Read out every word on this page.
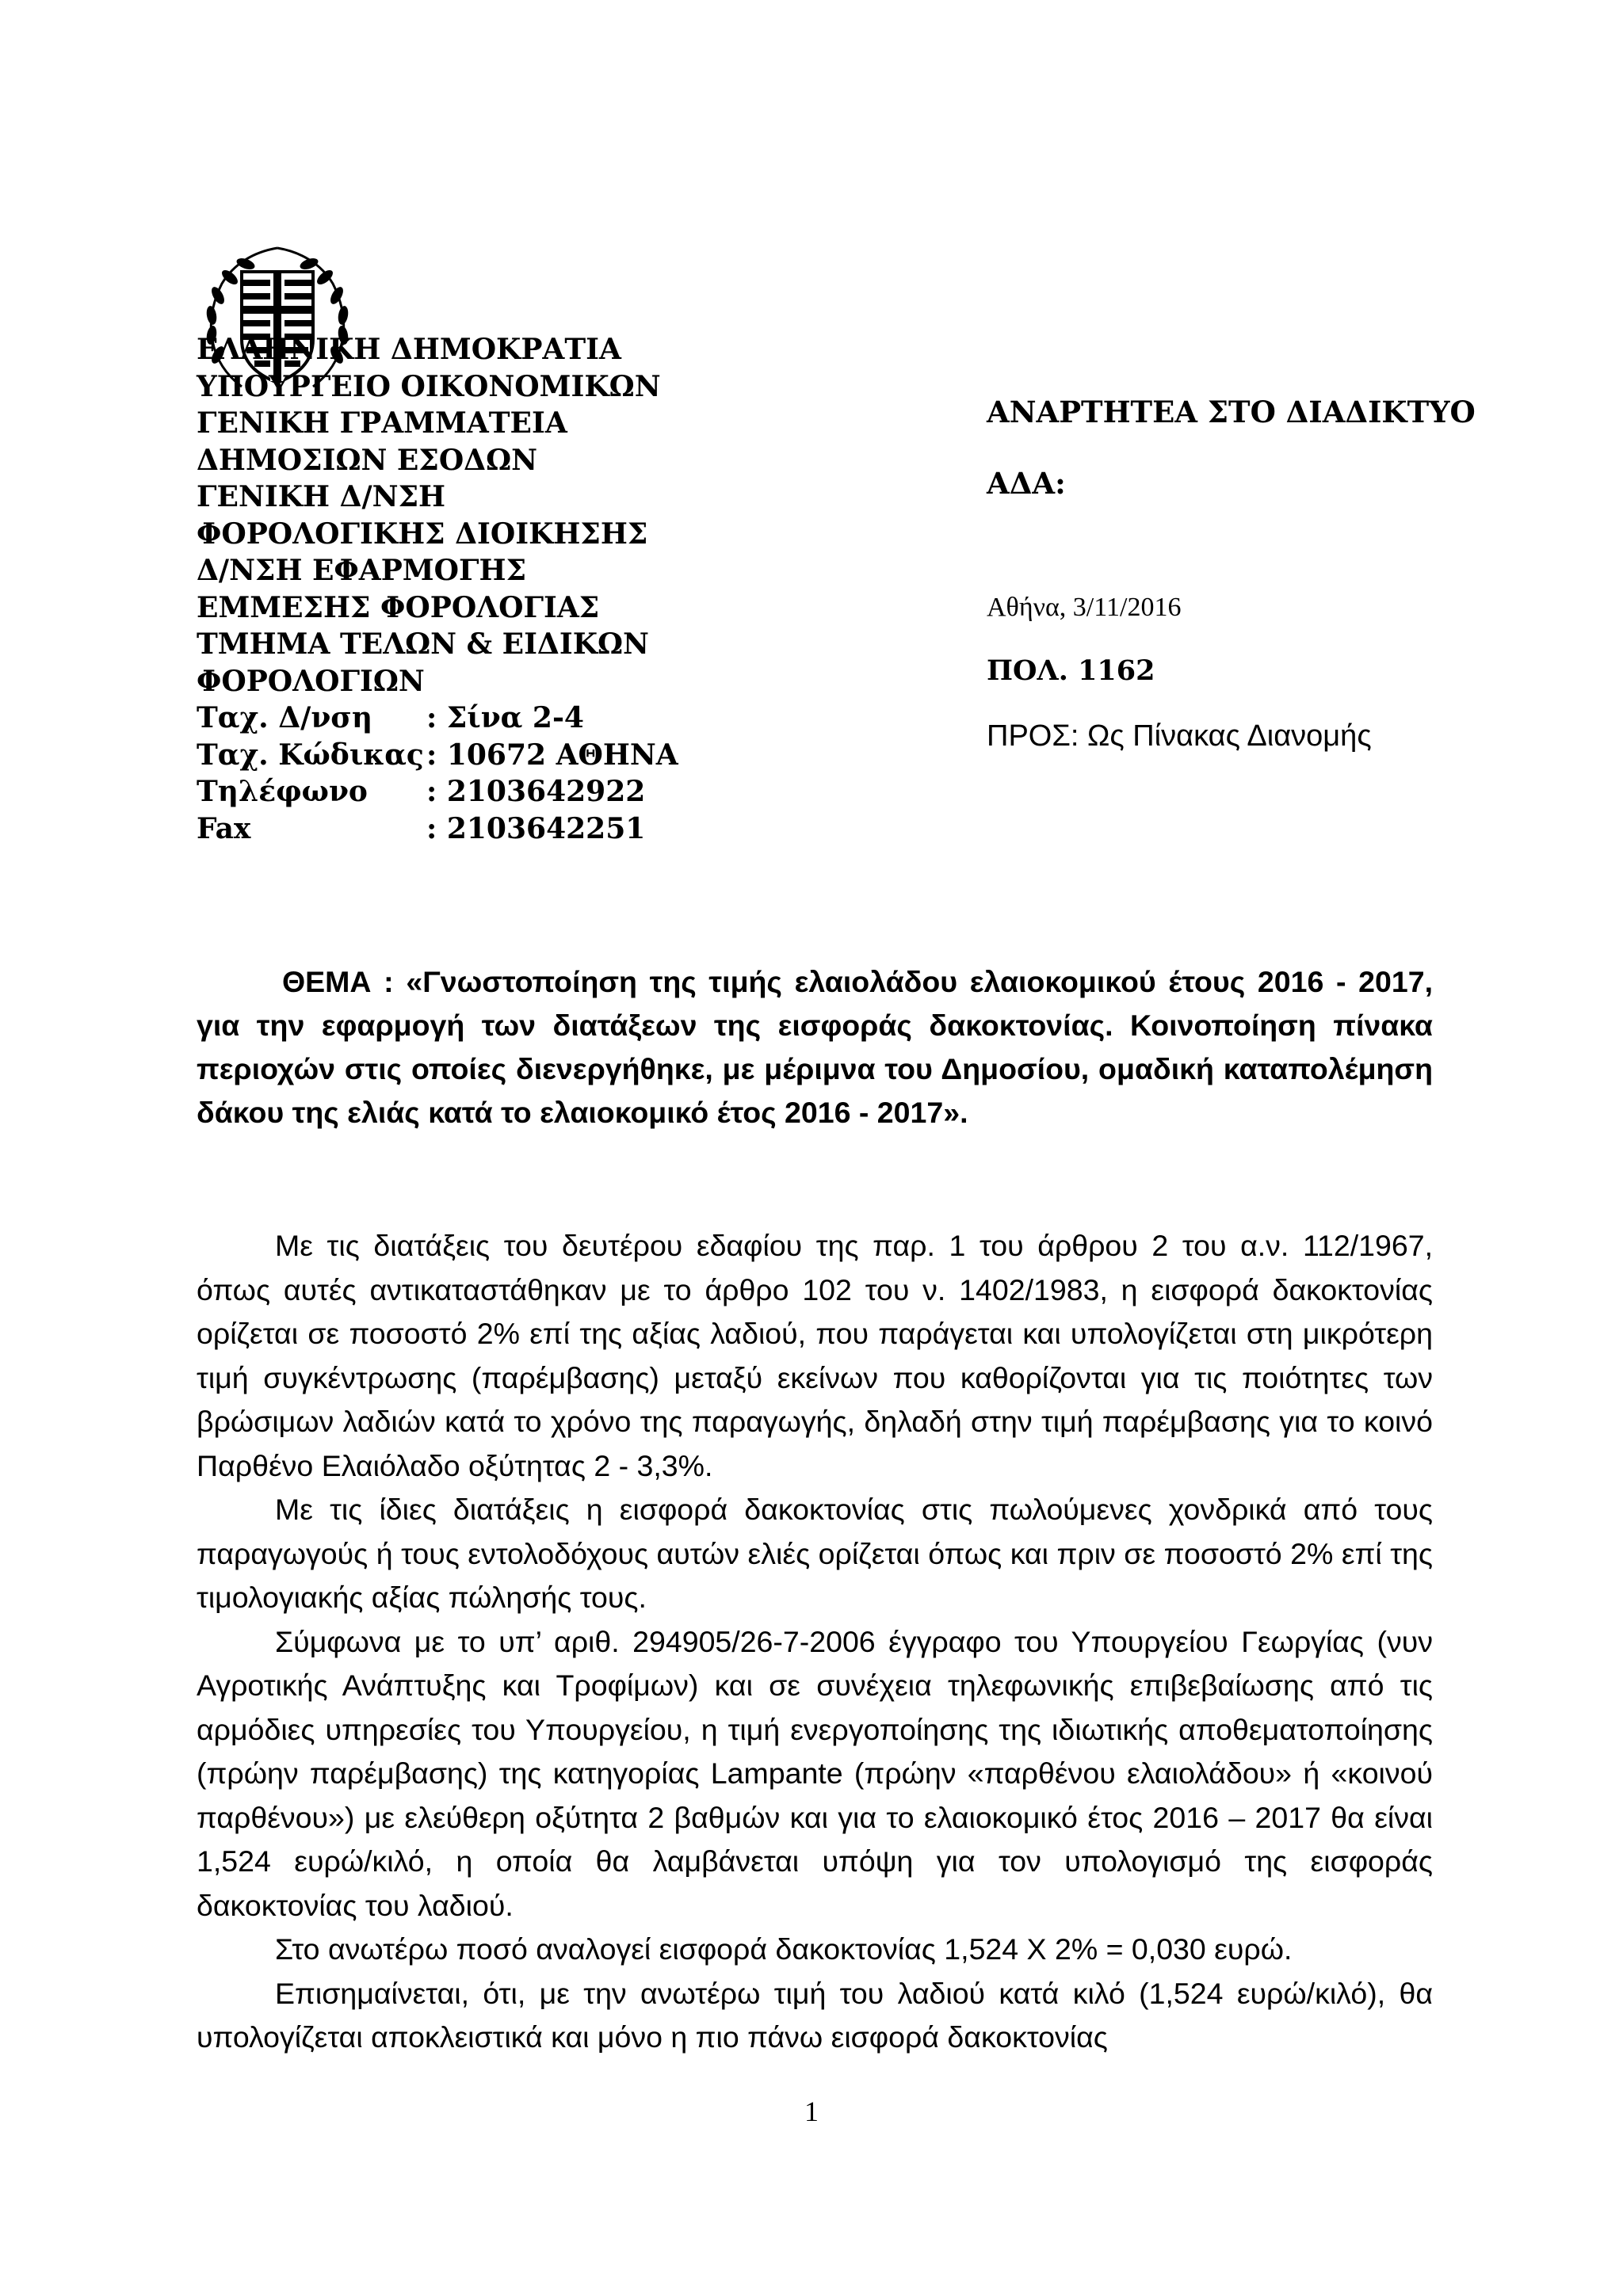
ΕΛΛΗΝΙΚΗ ΔΗΜΟΚΡΑΤΙΑ
ΥΠΟΥΡΓΕΙΟ ΟΙΚΟΝΟΜΙΚΩΝ
ΓΕΝΙΚΗ ΓΡΑΜΜΑΤΕΙΑ
ΔΗΜΟΣΙΩΝ ΕΣΟΔΩΝ
ΓΕΝΙΚΗ Δ/ΝΣΗ
ΦΟΡΟΛΟΓΙΚΗΣ ΔΙΟΙΚΗΣΗΣ
Δ/ΝΣΗ ΕΦΑΡΜΟΓΗΣ
ΕΜΜΕΣΗΣ ΦΟΡΟΛΟΓΙΑΣ
ΤΜΗΜΑ ΤΕΛΩΝ & ΕΙΔΙΚΩΝ
ΦΟΡΟΛΟΓΙΩΝ
Ταχ. Δ/νση	: Σίνα 2-4
Ταχ. Κώδικας : 10672 ΑΘΗΝΑ
Τηλέφωνο	: 2103642922
Fax	: 2103642251
ΑΝΑΡΤΗΤΕΑ ΣΤΟ ΔΙΑΔΙΚΤΥΟ
ΑΔΑ:
Αθήνα, 3/11/2016
ΠΟΛ. 1162
ΠΡΟΣ: Ως Πίνακας Διανομής
ΘΕΜΑ : «Γνωστοποίηση της τιμής ελαιολάδου ελαιοκομικού έτους 2016 - 2017, για την εφαρμογή των διατάξεων της εισφοράς δακοκτονίας. Κοινοποίηση πίνακα περιοχών στις οποίες διενεργήθηκε, με μέριμνα του Δημοσίου, ομαδική καταπολέμηση δάκου της ελιάς κατά το ελαιοκομικό έτος 2016 - 2017».

Με τις διατάξεις του δευτέρου εδαφίου της παρ. 1 του άρθρου 2 του α.ν. 112/1967, όπως αυτές αντικαταστάθηκαν με το άρθρο 102 του ν. 1402/1983, η εισφορά δακοκτονίας ορίζεται σε ποσοστό 2% επί της αξίας λαδιού, που παράγεται και υπολογίζεται στη μικρότερη τιμή συγκέντρωσης (παρέμβασης) μεταξύ εκείνων που καθορίζονται για τις ποιότητες των βρώσιμων λαδιών κατά το χρόνο της παραγωγής, δηλαδή στην τιμή παρέμβασης για το κοινό Παρθένο Ελαιόλαδο οξύτητας 2 - 3,3%.

Με τις ίδιες διατάξεις η εισφορά δακοκτονίας στις πωλούμενες χονδρικά από τους παραγωγούς ή τους εντολοδόχους αυτών ελιές ορίζεται όπως και πριν σε ποσοστό 2% επί της τιμολογιακής αξίας πώλησής τους.

Σύμφωνα με το υπ’ αριθ. 294905/26-7-2006 έγγραφο του Υπουργείου Γεωργίας (νυν Αγροτικής Ανάπτυξης και Τροφίμων) και σε συνέχεια τηλεφωνικής επιβεβαίωσης από τις αρμόδιες υπηρεσίες του Υπουργείου, η τιμή ενεργοποίησης της ιδιωτικής αποθεματοποίησης (πρώην παρέμβασης) της κατηγορίας Lampante (πρώην «παρθένου ελαιολάδου» ή «κοινού παρθένου») με ελεύθερη οξύτητα 2 βαθμών και για το ελαιοκομικό έτος 2016 – 2017 θα είναι 1,524 ευρώ/κιλό, η οποία θα λαμβάνεται υπόψη για τον υπολογισμό της εισφοράς δακοκτονίας του λαδιού.

Στο ανωτέρω ποσό αναλογεί εισφορά δακοκτονίας 1,524 Χ 2% = 0,030 ευρώ.

Επισημαίνεται, ότι, με την ανωτέρω τιμή του λαδιού κατά κιλό (1,524 ευρώ/κιλό), θα υπολογίζεται αποκλειστικά και μόνο η πιο πάνω εισφορά δακοκτονίας

1
